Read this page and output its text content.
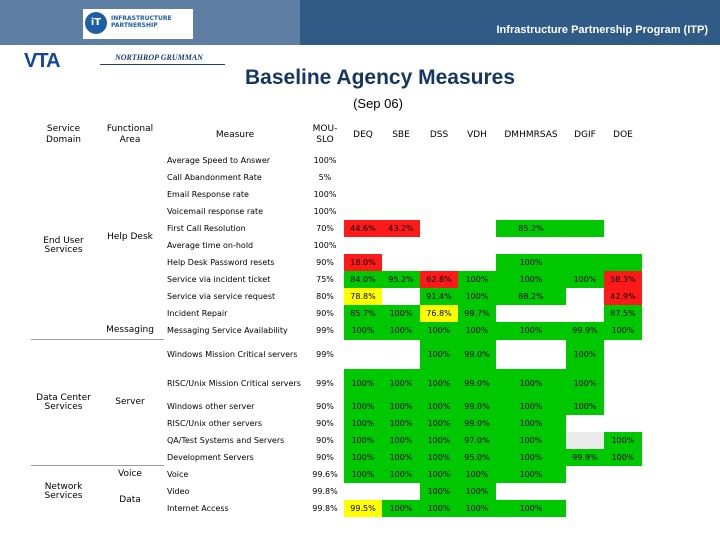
Infrastructure Partnership Program (ITP)
iT	INFRASTRUCTURE PARTNERSHIP
VTA	NORTHROP GRUMMAN
Baseline Agency Measures
(Sep 06)
Service Domain	Functional Area	Measure	MOU-SLO	DEQ	SBE	DSS	VDH	DMHMRSAS	DGIF	DOE
End User Services	Help Desk	Average Speed to Answer	100%							
		Call Abandonment Rate	5%							
		Email Response rate	100%							
		Voicemail response rate	100%							
		First Call Resolution	70%	44.6%	43.2%			85.2%		
		Average time on-hold	100%							
		Help Desk Password resets	90%	18.0%				100%		
		Service via incident ticket	75%	84.0%	95.2%	62.8%	100%	100%	100%	58.3%
		Service via service request	80%	78.8%		91.4%	100%	88.2%		42.9%
		Incident Repair	90%	85.7%	100%	76.8%	99.7%			87.5%
	Messaging	Messaging Service Availability	99%	100%	100%	100%	100%	100%	99.9%	100%
Data Center Services	Server	Windows Mission Critical servers	99%			100%	99.0%		100%	
		RISC/Unix Mission Critical servers	99%	100%	100%	100%	99.0%	100%	100%	
		Windows other server	90%	100%	100%	100%	99.0%	100%	100%	
		RISC/Unix other servers	90%	100%	100%	100%	99.0%	100%		
		QA/Test Systems and Servers	90%	100%	100%	100%	97.0%	100%		100%
		Development Servers	90%	100%	100%	100%	95.0%	100%	99.9%	100%
Network Services	Voice	Voice	99.6%	100%	100%	100%	100%	100%		
	Data	Video	99.8%			100%	100%			
		Internet Access	99.8%	99.5%	100%	100%	100%	100%		
